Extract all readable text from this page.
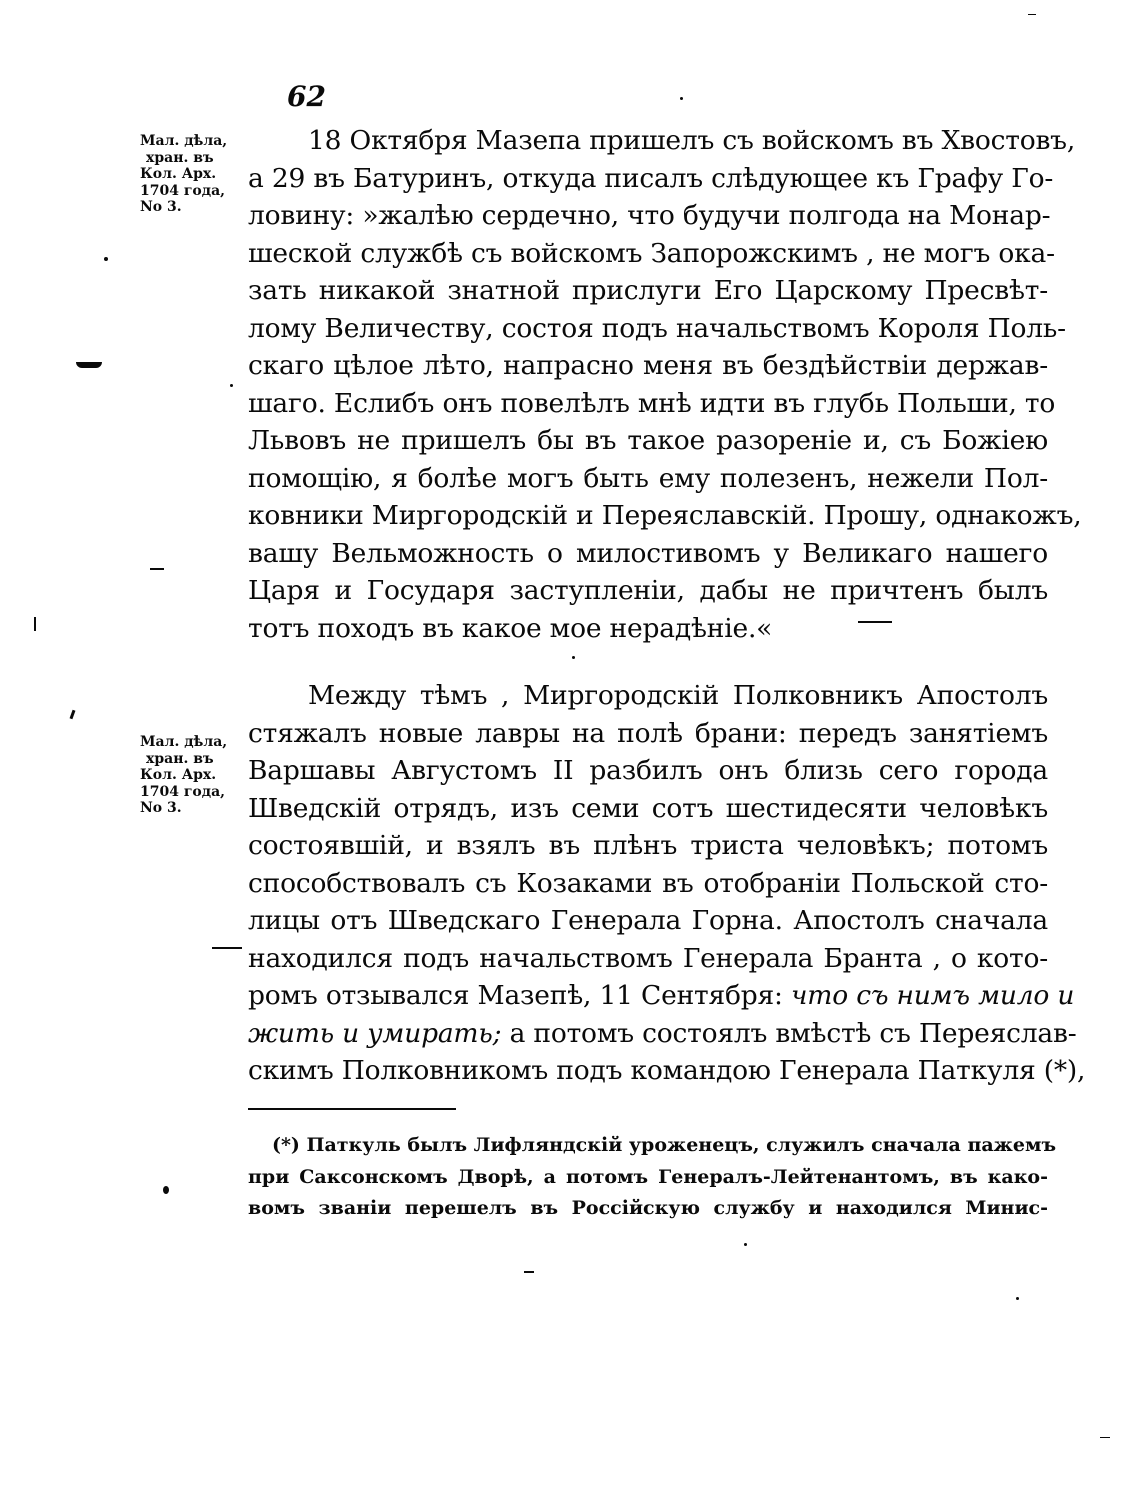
62
Мал. дѣла,
хран. въ
Кол. Арх.
1704 года,
No 3.
18 Октября Мазепа пришелъ съ войскомъ въ Хвостовъ,
а 29 въ Батуринъ, откуда писалъ слѣдующее къ Графу Го-
ловину: »жалѣю сердечно, что будучи полгода на Монар-
шеской службѣ съ войскомъ Запорожскимъ , не могъ ока-
зать никакой знатной прислуги Его Царскому Пресвѣт-
лому Величеству, состоя подъ начальствомъ Короля Поль-
скаго цѣлое лѣто, напрасно меня въ бездѣйствіи держав-
шаго. Еслибъ онъ повелѣлъ мнѣ идти въ глубь Польши, то
Львовъ не пришелъ бы въ такое разореніе и, съ Божіею
помощію, я болѣе могъ быть ему полезенъ, нежели Пол-
ковники Миргородскій и Переяславскій. Прошу, однакожъ,
вашу Вельможность о милостивомъ у Великаго нашего
Царя и Государя заступленіи, дабы не причтенъ былъ
тотъ походъ въ какое мое нерадѣніе.«
Мал. дѣла,
хран. въ
Кол. Арх.
1704 года,
No 3.
Между тѣмъ , Миргородскій Полковникъ Апостолъ
стяжалъ новые лавры на полѣ брани: передъ занятіемъ
Варшавы Августомъ II разбилъ онъ близь сего города
Шведскій отрядъ, изъ семи сотъ шестидесяти человѣкъ
состоявшій, и взялъ въ плѣнъ триста человѣкъ; потомъ
способствовалъ съ Козаками въ отобраніи Польской сто-
лицы отъ Шведскаго Генерала Горна. Апостолъ сначала
находился подъ начальствомъ Генерала Бранта , о кото-
ромъ отзывался Мазепѣ, 11 Сентября: что съ нимъ мило и
жить и умирать; а потомъ состоялъ вмѣстѣ съ Переяслав-
скимъ Полковникомъ подъ командою Генерала Паткуля (*),
(*) Паткуль былъ Лифляндскій уроженецъ, служилъ сначала пажемъ
при Саксонскомъ Дворѣ, а потомъ Генералъ-Лейтенантомъ, въ како-
вомъ званіи перешелъ въ Россійскую службу и находился Минис-
